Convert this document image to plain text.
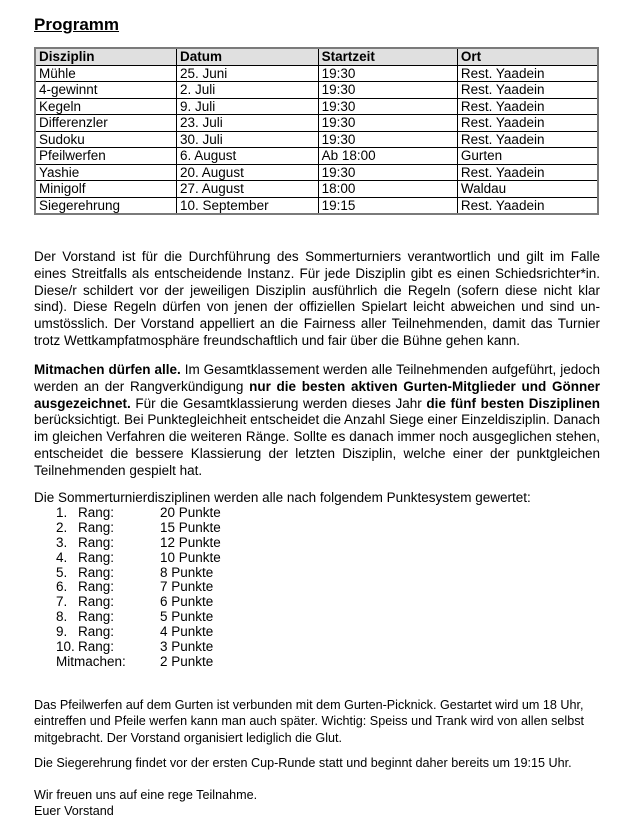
Programm
Disziplin	Datum	Startzeit	Ort
Mühle	25. Juni	19:30	Rest. Yaadein
4-gewinnt	2. Juli	19:30	Rest. Yaadein
Kegeln	9. Juli	19:30	Rest. Yaadein
Differenzler	23. Juli	19:30	Rest. Yaadein
Sudoku	30. Juli	19:30	Rest. Yaadein
Pfeilwerfen	6. August	Ab 18:00	Gurten
Yashie	20. August	19:30	Rest. Yaadein
Minigolf	27. August	18:00	Waldau
Siegerehrung	10. September	19:15	Rest. Yaadein

Der Vorstand ist für die Durchführung des Sommerturniers verantwortlich und gilt im Falle eines Streitfalls als entscheidende Instanz. Für jede Disziplin gibt es einen Schiedsrichter*in. Diese/r schildert vor der jeweiligen Disziplin ausführlich die Regeln (sofern diese nicht klar sind). Diese Regeln dürfen von jenen der offiziellen Spielart leicht abweichen und sind unumstösslich. Der Vorstand appelliert an die Fairness aller Teilnehmenden, damit das Turnier trotz Wettkampfatmosphäre freundschaftlich und fair über die Bühne gehen kann.

Mitmachen dürfen alle. Im Gesamtklassement werden alle Teilnehmenden aufgeführt, jedoch werden an der Rangverkündigung nur die besten aktiven Gurten-Mitglieder und Gönner ausgezeichnet. Für die Gesamtklassierung werden dieses Jahr die fünf besten Disziplinen berücksichtigt. Bei Punktegleichheit entscheidet die Anzahl Siege einer Einzeldisziplin. Danach im gleichen Verfahren die weiteren Ränge. Sollte es danach immer noch ausgeglichen stehen, entscheidet die bessere Klassierung der letzten Disziplin, welche einer der punktgleichen Teilnehmenden gespielt hat.

Die Sommerturnierdisziplinen werden alle nach folgendem Punktesystem gewertet:

1. Rang:	20 Punkte
2. Rang:	15 Punkte
3. Rang:	12 Punkte
4. Rang:	10 Punkte
5. Rang:	8 Punkte
6. Rang:	7 Punkte
7. Rang:	6 Punkte
8. Rang:	5 Punkte
9. Rang:	4 Punkte
10. Rang:	3 Punkte
Mitmachen:	2 Punkte

Das Pfeilwerfen auf dem Gurten ist verbunden mit dem Gurten-Picknick. Gestartet wird um 18 Uhr, eintreffen und Pfeile werfen kann man auch später. Wichtig: Speiss und Trank wird von allen selbst mitgebracht. Der Vorstand organisiert lediglich die Glut.

Die Siegerehrung findet vor der ersten Cup-Runde statt und beginnt daher bereits um 19:15 Uhr.

Wir freuen uns auf eine rege Teilnahme.
Euer Vorstand
